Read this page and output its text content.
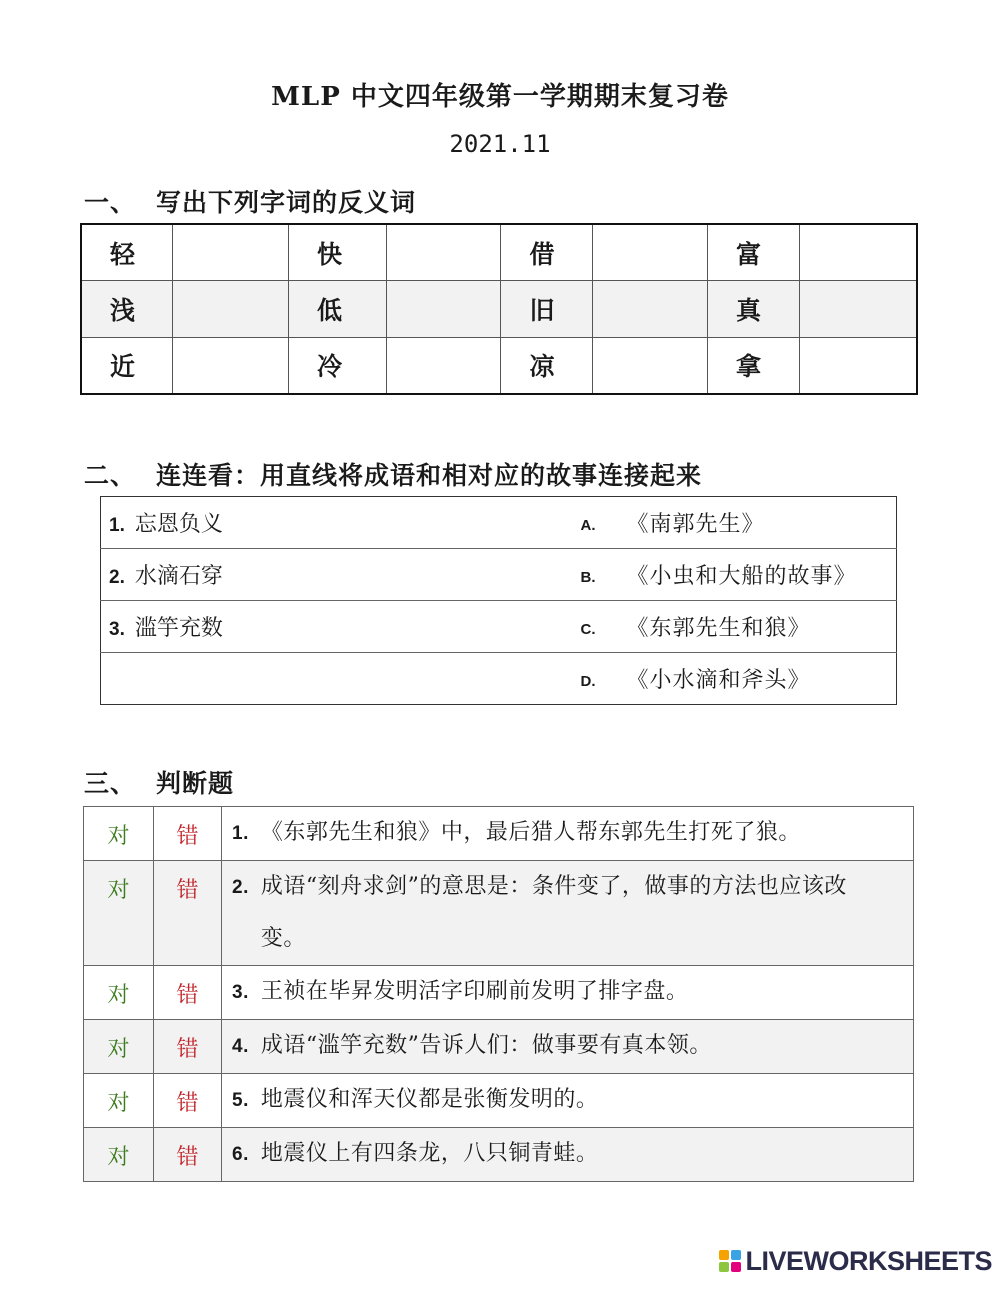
MLP 中文四年级第一学期期末复习卷
2021.11
一、 写出下列字词的反义词
轻		快		借		富	
浅		低		旧		真	
近		冷		凉		拿	
二、 连连看：用直线将成语和相对应的故事连接起来
1. 忘恩负义	A.	《南郭先生》
2. 水滴石穿	B.	《小虫和大船的故事》
3. 滥竽充数	C.	《东郭先生和狼》
	D.	《小水滴和斧头》
三、 判断题
对	错	1. 《东郭先生和狼》中，最后猎人帮东郭先生打死了狼。
对	错	2. 成语“刻舟求剑”的意思是：条件变了，做事的方法也应该改变。
对	错	3. 王祯在毕昇发明活字印刷前发明了排字盘。
对	错	4. 成语“滥竽充数”告诉人们：做事要有真本领。
对	错	5. 地震仪和浑天仪都是张衡发明的。
对	错	6. 地震仪上有四条龙，八只铜青蛙。
LIVEWORKSHEETS
